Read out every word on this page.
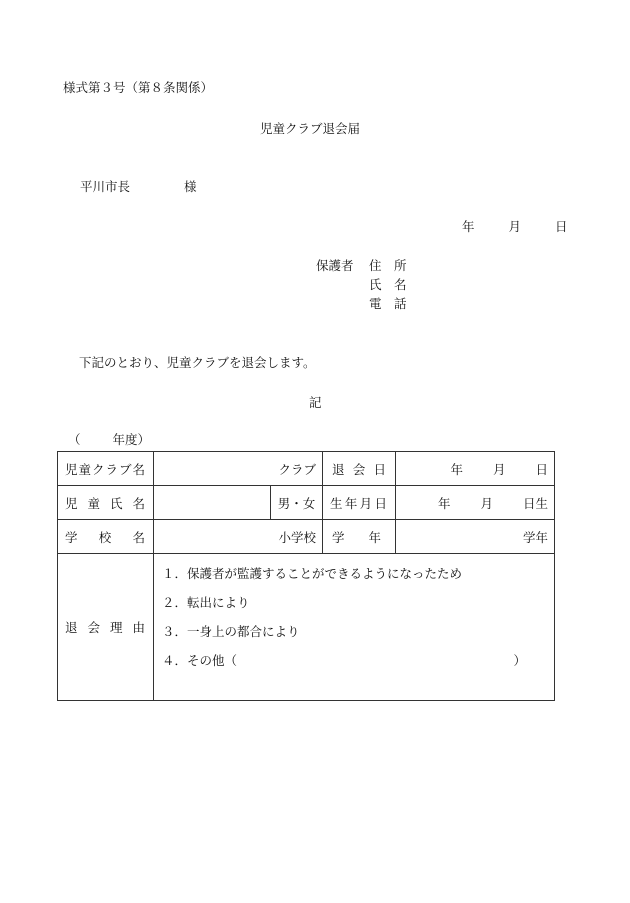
様式第３号（第８条関係）
児童クラブ退会届
平川市長	様
年	月	日
保護者 住　所
氏　名
電　話
下記のとおり、児童クラブを退会します。
記
（	年度）
児童クラブ名	クラブ		退会日	年 月 日

児童氏名		男・女	生年月日	年 月 日生

学校名	小学校		学年	学年
退会理由	１．保護者が監護することができるようになったため
２．転出により
３．一身上の都合により
４．その他（ ）			
